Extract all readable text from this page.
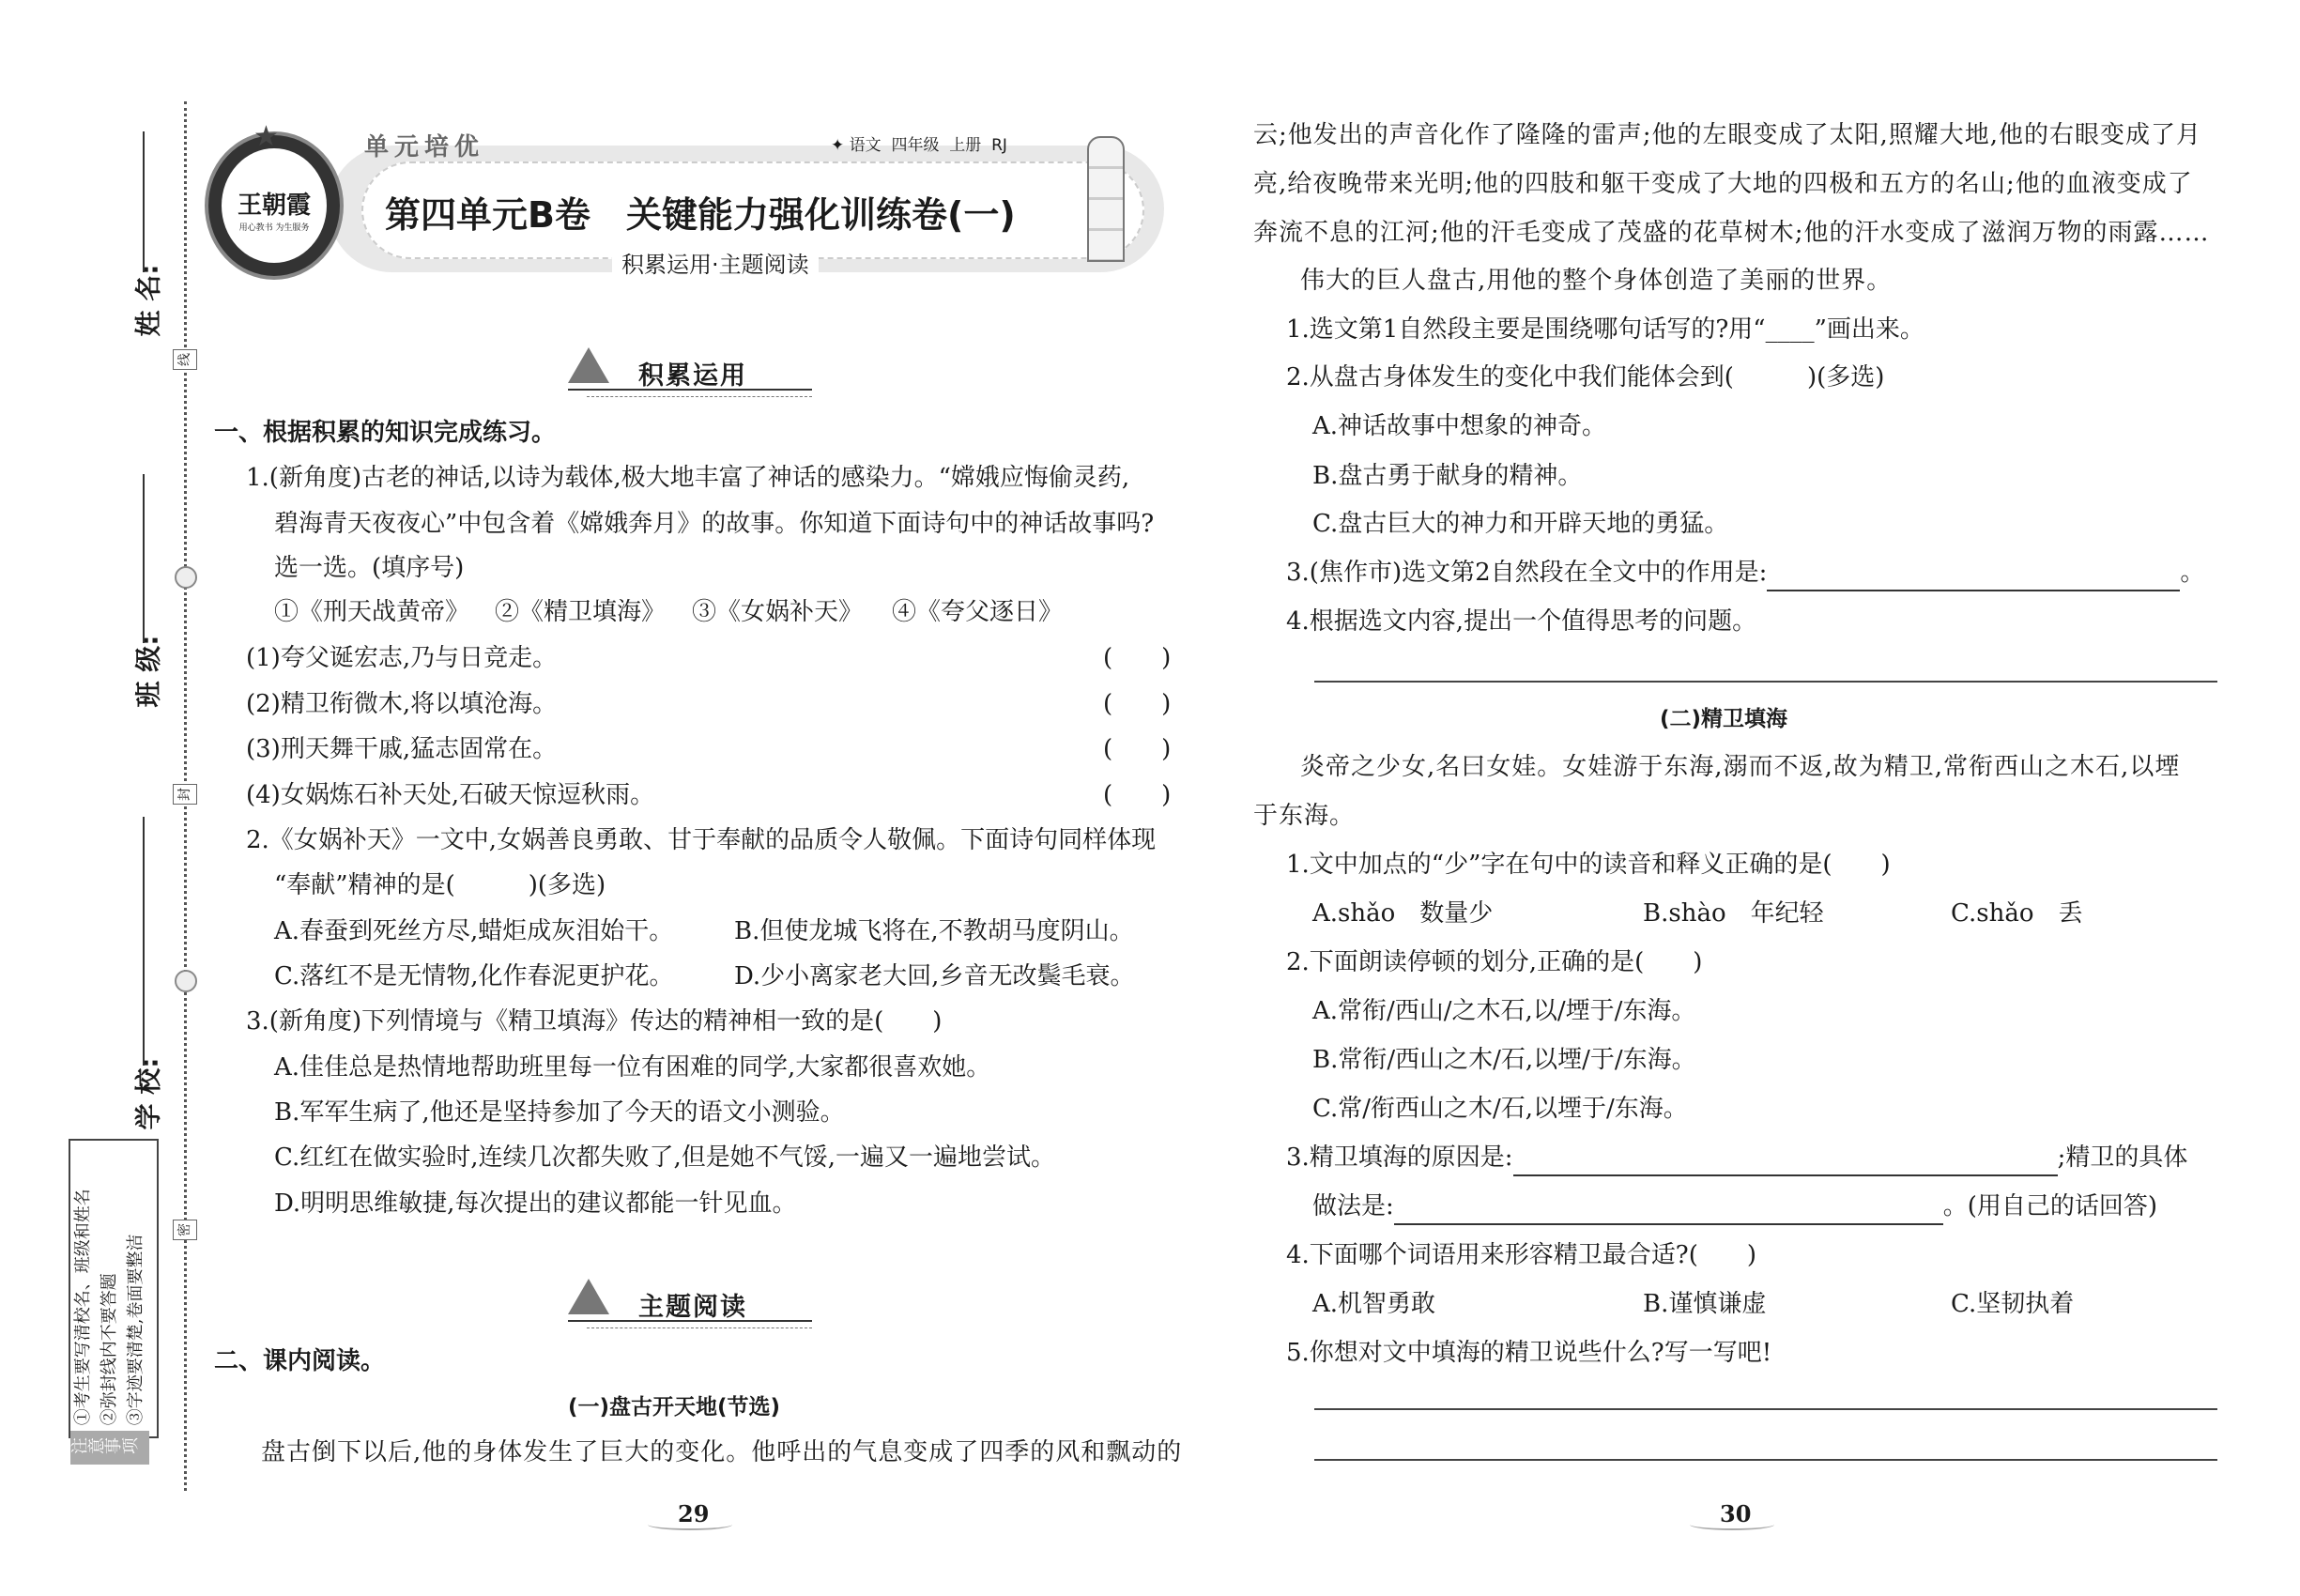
姓 名:
班 级:
学 校:
线
封
密
注意事项
①考生要写清校名、班级和姓名 ②弥封线内不要答题 ③字迹要清楚,卷面要整洁
王朝霞
用心教书 为生服务
★	单元培优	✦ 语文  四年级  上册  RJ
第四单元B卷　关键能力强化训练卷(一)
积累运用·主题阅读
积累运用
一、根据积累的知识完成练习。
1.(新角度)古老的神话,以诗为载体,极大地丰富了神话的感染力。“嫦娥应悔偷灵药,
碧海青天夜夜心”中包含着《嫦娥奔月》的故事。你知道下面诗句中的神话故事吗?
选一选。(填序号)
①《刑天战黄帝》 ②《精卫填海》 ③《女娲补天》 ④《夸父逐日》
(1)夸父诞宏志,乃与日竞走。	(　　)
(2)精卫衔微木,将以填沧海。	(　　)
(3)刑天舞干戚,猛志固常在。	(　　)
(4)女娲炼石补天处,石破天惊逗秋雨。	(　　)
2.《女娲补天》一文中,女娲善良勇敢、甘于奉献的品质令人敬佩。下面诗句同样体现
“奉献”精神的是(　　　)(多选)
A.春蚕到死丝方尽,蜡炬成灰泪始干。 B.但使龙城飞将在,不教胡马度阴山。
C.落红不是无情物,化作春泥更护花。 D.少小离家老大回,乡音无改鬓毛衰。
3.(新角度)下列情境与《精卫填海》传达的精神相一致的是(　　)
A.佳佳总是热情地帮助班里每一位有困难的同学,大家都很喜欢她。
B.军军生病了,他还是坚持参加了今天的语文小测验。
C.红红在做实验时,连续几次都失败了,但是她不气馁,一遍又一遍地尝试。
D.明明思维敏捷,每次提出的建议都能一针见血。
主题阅读
二、课内阅读。
(一)盘古开天地(节选)
盘古倒下以后,他的身体发生了巨大的变化。他呼出的气息变成了四季的风和飘动的
29
云;他发出的声音化作了隆隆的雷声;他的左眼变成了太阳,照耀大地,他的右眼变成了月
亮,给夜晚带来光明;他的四肢和躯干变成了大地的四极和五方的名山;他的血液变成了
奔流不息的江河;他的汗毛变成了茂盛的花草树木;他的汗水变成了滋润万物的雨露……
伟大的巨人盘古,用他的整个身体创造了美丽的世界。
1.选文第1自然段主要是围绕哪句话写的?用“____”画出来。
2.从盘古身体发生的变化中我们能体会到(　　　)(多选)
A.神话故事中想象的神奇。
B.盘古勇于献身的精神。
C.盘古巨大的神力和开辟天地的勇猛。
3.(焦作市)选文第2自然段在全文中的作用是:	。
4.根据选文内容,提出一个值得思考的问题。
(二)精卫填海
炎帝之少女,名曰女娃。女娃游于东海,溺而不返,故为精卫,常衔西山之木石,以堙
于东海。
1.文中加点的“少”字在句中的读音和释义正确的是(　　)
A.shǎo　数量少	B.shào　年纪轻	C.shǎo　丢
2.下面朗读停顿的划分,正确的是(　　)
A.常衔/西山/之木石,以/堙于/东海。
B.常衔/西山之木/石,以堙/于/东海。
C.常/衔西山之木/石,以堙于/东海。
3.精卫填海的原因是:	;精卫的具体
做法是:	。(用自己的话回答)
4.下面哪个词语用来形容精卫最合适?(　　)
A.机智勇敢	B.谨慎谦虚	C.坚韧执着
5.你想对文中填海的精卫说些什么?写一写吧!
30
